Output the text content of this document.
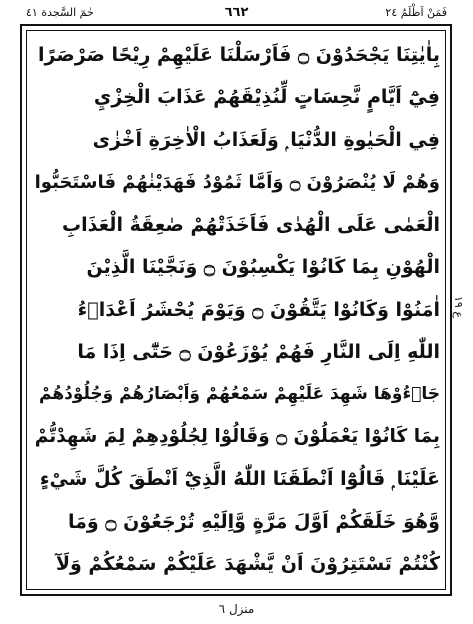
فَمَنْ اَظْلَمُ ٢٤
٦٦٢
حٰمٓ السَّجدة ٤١
بِاٰيٰتِنَا يَجْحَدُوْنَ ۝ فَاَرْسَلْنَا عَلَيْهِمْ رِيْحًا صَرْصَرًا
فِيْٓ اَيَّامٍ نَّحِسَاتٍ لِّنُذِيْقَهُمْ عَذَابَ الْخِزْيِ
فِي الْحَيٰوةِ الدُّنْيَا ۭ وَلَعَذَابُ الْاٰخِرَةِ اَخْزٰى
وَهُمْ لَا يُنْصَرُوْنَ ۝ وَاَمَّا ثَمُوْدُ فَهَدَيْنٰهُمْ فَاسْتَحَبُّوا
الْعَمٰى عَلَى الْهُدٰى فَاَخَذَتْهُمْ صٰعِقَةُ الْعَذَابِ
الْهُوْنِ بِمَا كَانُوْا يَكْسِبُوْنَ ۝ وَنَجَّيْنَا الَّذِيْنَ
اٰمَنُوْا وَكَانُوْا يَتَّقُوْنَ ۝ وَيَوْمَ يُحْشَرُ اَعْدَاۗءُ
اللّٰهِ اِلَى النَّارِ فَهُمْ يُوْزَعُوْنَ ۝ حَتّٰٓى اِذَا مَا
جَاۗءُوْهَا شَهِدَ عَلَيْهِمْ سَمْعُهُمْ وَاَبْصَارُهُمْ وَجُلُوْدُهُمْ
بِمَا كَانُوْا يَعْمَلُوْنَ ۝ وَقَالُوْا لِجُلُوْدِهِمْ لِمَ شَهِدْتُّمْ
عَلَيْنَا ۭ قَالُوْٓا اَنْطَقَنَا اللّٰهُ الَّذِيْٓ اَنْطَقَ كُلَّ شَيْءٍ
وَّهُوَ خَلَقَكُمْ اَوَّلَ مَرَّةٍ وَّاِلَيْهِ تُرْجَعُوْنَ ۝ وَمَا
كُنْتُمْ تَسْتَتِرُوْنَ اَنْ يَّشْهَدَ عَلَيْكُمْ سَمْعُكُمْ وَلَآ
ع ١٩
منزل ٦
